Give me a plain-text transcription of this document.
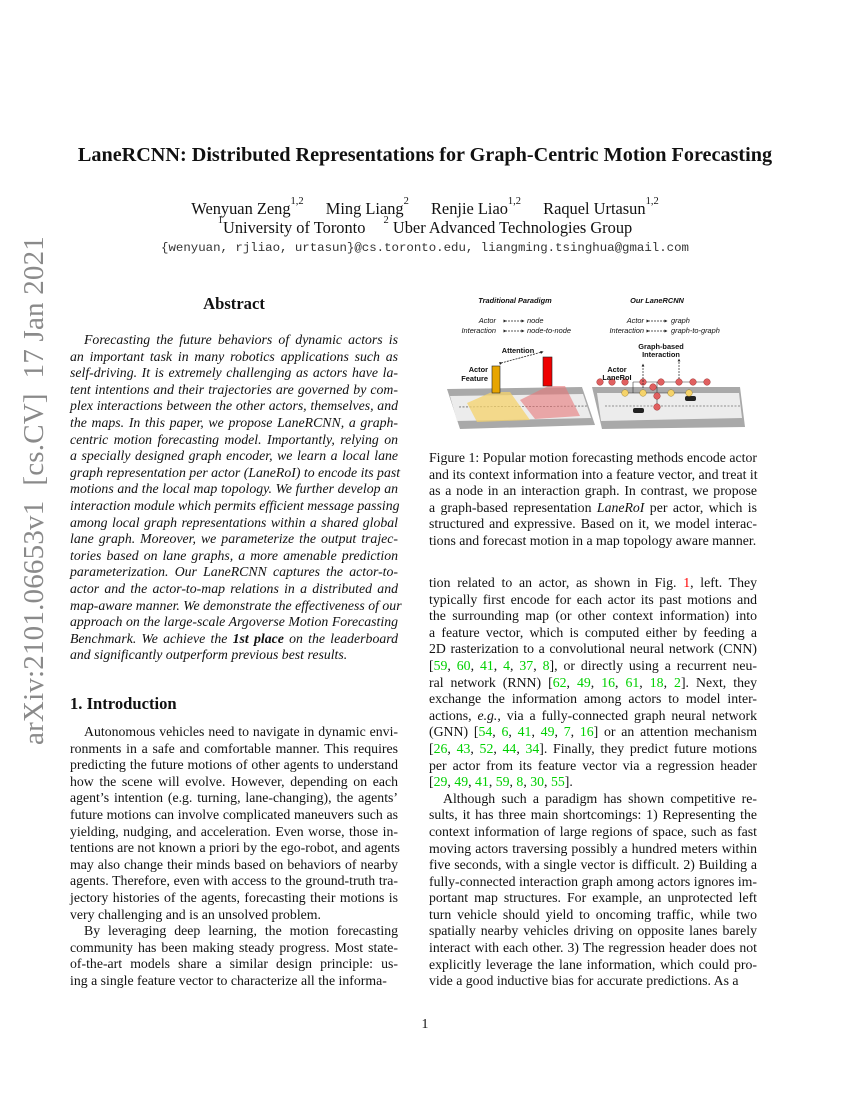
arXiv:2101.06653v1  [cs.CV]  17 Jan 2021
LaneRCNN: Distributed Representations for Graph-Centric Motion Forecasting
Wenyuan Zeng$^{1,2}$ Ming Liang$^2$ Renjie Liao$^{1,2}$ Raquel Urtasun$^{1,2}$
$^1$University of Toronto $^2$ Uber Advanced Technologies Group
{wenyuan, rjliao, urtasun}@cs.toronto.edu, liangming.tsinghua@gmail.com
Abstract
Forecasting the future behaviors of dynamic actors is
an important task in many robotics applications such as
self-driving. It is extremely challenging as actors have la-
tent intentions and their trajectories are governed by com-
plex interactions between the other actors, themselves, and
the maps. In this paper, we propose LaneRCNN, a graph-
centric motion forecasting model. Importantly, relying on
a specially designed graph encoder, we learn a local lane
graph representation per actor (LaneRoI) to encode its past
motions and the local map topology. We further develop an
interaction module which permits efficient message passing
among local graph representations within a shared global
lane graph. Moreover, we parameterize the output trajec-
tories based on lane graphs, a more amenable prediction
parameterization. Our LaneRCNN captures the actor-to-
actor and the actor-to-map relations in a distributed and
map-aware manner. We demonstrate the effectiveness of our
approach on the large-scale Argoverse Motion Forecasting
Benchmark. We achieve the 1st place on the leaderboard
and significantly outperform previous best results.
1. Introduction
Autonomous vehicles need to navigate in dynamic envi-
ronments in a safe and comfortable manner. This requires
predicting the future motions of other agents to understand
how the scene will evolve. However, depending on each
agent’s intention (e.g. turning, lane-changing), the agents’
future motions can involve complicated maneuvers such as
yielding, nudging, and acceleration. Even worse, those in-
tentions are not known a priori by the ego-robot, and agents
may also change their minds based on behaviors of nearby
agents. Therefore, even with access to the ground-truth tra-
jectory histories of the agents, forecasting their motions is
very challenging and is an unsolved problem.
By leveraging deep learning, the motion forecasting
community has been making steady progress. Most state-
of-the-art models share a similar design principle: us-
ing a single feature vector to characterize all the informa-
Traditional Paradigm	Our LaneRCNN
Actor	node
Interaction	node-to-node
Actor	graph
Interaction	graph-to-graph
Attention
Actor
Feature
Graph-based
Interaction
Actor
LaneRoI
Figure 1: Popular motion forecasting methods encode actor
and its context information into a feature vector, and treat it
as a node in an interaction graph. In contrast, we propose
a graph-based representation LaneRoI per actor, which is
structured and expressive. Based on it, we model interac-
tions and forecast motion in a map topology aware manner.
tion related to an actor, as shown in Fig. 1, left. They
typically first encode for each actor its past motions and
the surrounding map (or other context information) into
a feature vector, which is computed either by feeding a
2D rasterization to a convolutional neural network (CNN)
[59, 60, 41, 4, 37, 8], or directly using a recurrent neu-
ral network (RNN) [62, 49, 16, 61, 18, 2]. Next, they
exchange the information among actors to model inter-
actions, e.g., via a fully-connected graph neural network
(GNN) [54, 6, 41, 49, 7, 16] or an attention mechanism
[26, 43, 52, 44, 34]. Finally, they predict future motions
per actor from its feature vector via a regression header
[29, 49, 41, 59, 8, 30, 55].
Although such a paradigm has shown competitive re-
sults, it has three main shortcomings: 1) Representing the
context information of large regions of space, such as fast
moving actors traversing possibly a hundred meters within
five seconds, with a single vector is difficult. 2) Building a
fully-connected interaction graph among actors ignores im-
portant map structures. For example, an unprotected left
turn vehicle should yield to oncoming traffic, while two
spatially nearby vehicles driving on opposite lanes barely
interact with each other. 3) The regression header does not
explicitly leverage the lane information, which could pro-
vide a good inductive bias for accurate predictions. As a
1
